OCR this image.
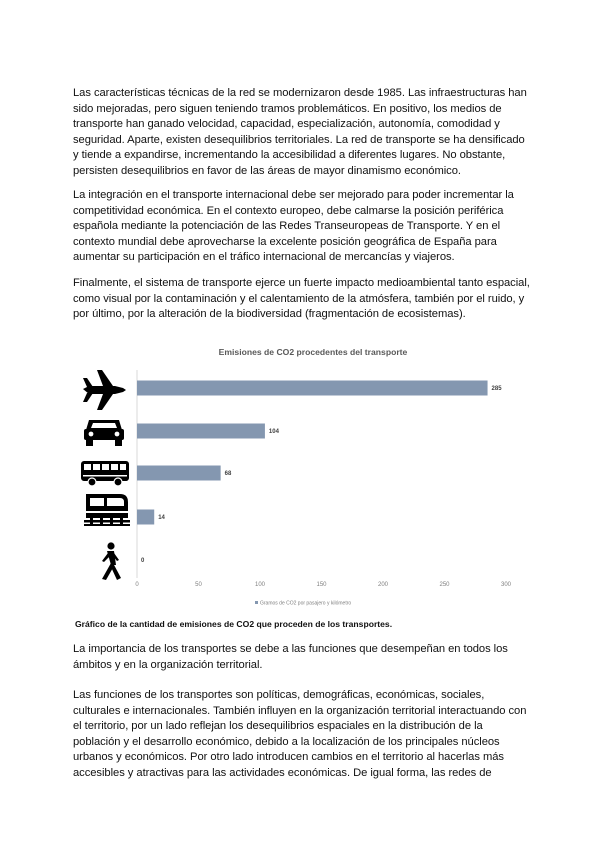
Las características técnicas de la red se modernizaron desde 1985. Las infraestructuras han sido mejoradas, pero siguen teniendo tramos problemáticos. En positivo, los medios de transporte han ganado velocidad, capacidad, especialización, autonomía, comodidad y seguridad. Aparte, existen desequilibrios territoriales. La red de transporte se ha densificado y tiende a expandirse, incrementando la accesibilidad a diferentes lugares. No obstante, persisten desequilibrios en favor de las áreas de mayor dinamismo económico.

La integración en el transporte internacional debe ser mejorado para poder incrementar la competitividad económica. En el contexto europeo, debe calmarse la posición periférica española mediante la potenciación de las Redes Transeuropeas de Transporte. Y en el contexto mundial debe aprovecharse la excelente posición geográfica de España para aumentar su participación en el tráfico internacional de mercancías y viajeros.

Finalmente, el sistema de transporte ejerce un fuerte impacto medioambiental tanto espacial, como visual por la contaminación y el calentamiento de la atmósfera, también por el ruido, y por último, por la alteración de la biodiversidad (fragmentación de ecosistemas).

Emisiones de CO2 procedentes del transporte
285
104
68
14
0
0	50	100	150	200	250	300
Gramos de CO2 por pasajero y kilómetro

Gráfico de la cantidad de emisiones de CO2 que proceden de los transportes.

La importancia de los transportes se debe a las funciones que desempeñan en todos los ámbitos y en la organización territorial.

Las funciones de los transportes son políticas, demográficas, económicas, sociales, culturales e internacionales. También influyen en la organización territorial interactuando con el territorio, por un lado reflejan los desequilibrios espaciales en la distribución de la población y el desarrollo económico, debido a la localización de los principales núcleos urbanos y económicos. Por otro lado introducen cambios en el territorio al hacerlas más accesibles y atractivas para las actividades económicas. De igual forma, las redes de
